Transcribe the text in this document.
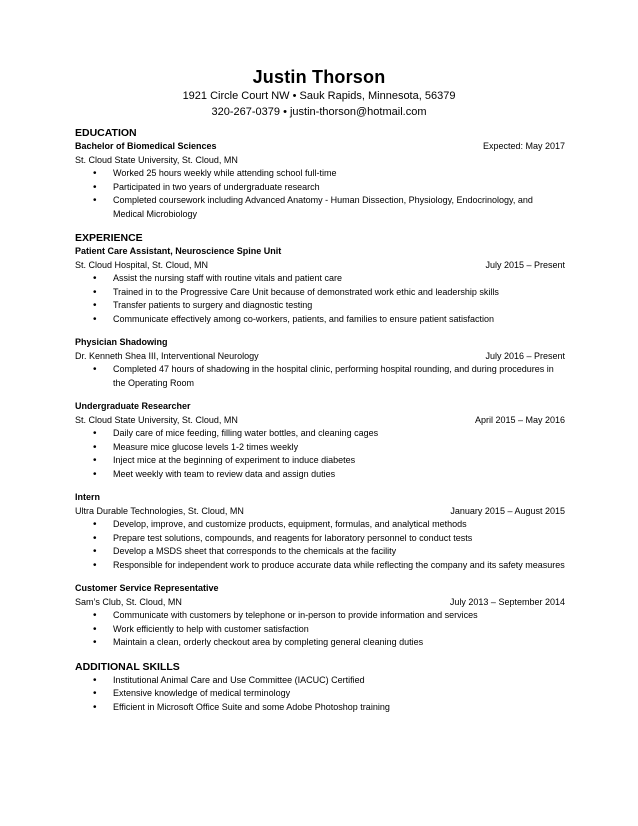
Justin Thorson
1921 Circle Court NW • Sauk Rapids, Minnesota, 56379
320-267-0379 • justin-thorson@hotmail.com
EDUCATION
Bachelor of Biomedical Sciences	Expected: May 2017
St. Cloud State University, St. Cloud, MN
• Worked 25 hours weekly while attending school full-time
• Participated in two years of undergraduate research
• Completed coursework including Advanced Anatomy - Human Dissection, Physiology, Endocrinology, and Medical Microbiology
EXPERIENCE
Patient Care Assistant, Neuroscience Spine Unit
St. Cloud Hospital, St. Cloud, MN	July 2015 – Present
• Assist the nursing staff with routine vitals and patient care
• Trained in to the Progressive Care Unit because of demonstrated work ethic and leadership skills
• Transfer patients to surgery and diagnostic testing
• Communicate effectively among co-workers, patients, and families to ensure patient satisfaction
Physician Shadowing
Dr. Kenneth Shea III, Interventional Neurology	July 2016 – Present
• Completed 47 hours of shadowing in the hospital clinic, performing hospital rounding, and during procedures in the Operating Room
Undergraduate Researcher
St. Cloud State University, St. Cloud, MN	April 2015 – May 2016
• Daily care of mice feeding, filling water bottles, and cleaning cages
• Measure mice glucose levels 1-2 times weekly
• Inject mice at the beginning of experiment to induce diabetes
• Meet weekly with team to review data and assign duties
Intern
Ultra Durable Technologies, St. Cloud, MN	January 2015 – August 2015
• Develop, improve, and customize products, equipment, formulas, and analytical methods
• Prepare test solutions, compounds, and reagents for laboratory personnel to conduct tests
• Develop a MSDS sheet that corresponds to the chemicals at the facility
• Responsible for independent work to produce accurate data while reflecting the company and its safety measures
Customer Service Representative
Sam’s Club, St. Cloud, MN	July 2013 – September 2014
• Communicate with customers by telephone or in-person to provide information and services
• Work efficiently to help with customer satisfaction
• Maintain a clean, orderly checkout area by completing general cleaning duties
ADDITIONAL SKILLS
• Institutional Animal Care and Use Committee (IACUC) Certified
• Extensive knowledge of medical terminology
• Efficient in Microsoft Office Suite and some Adobe Photoshop training
